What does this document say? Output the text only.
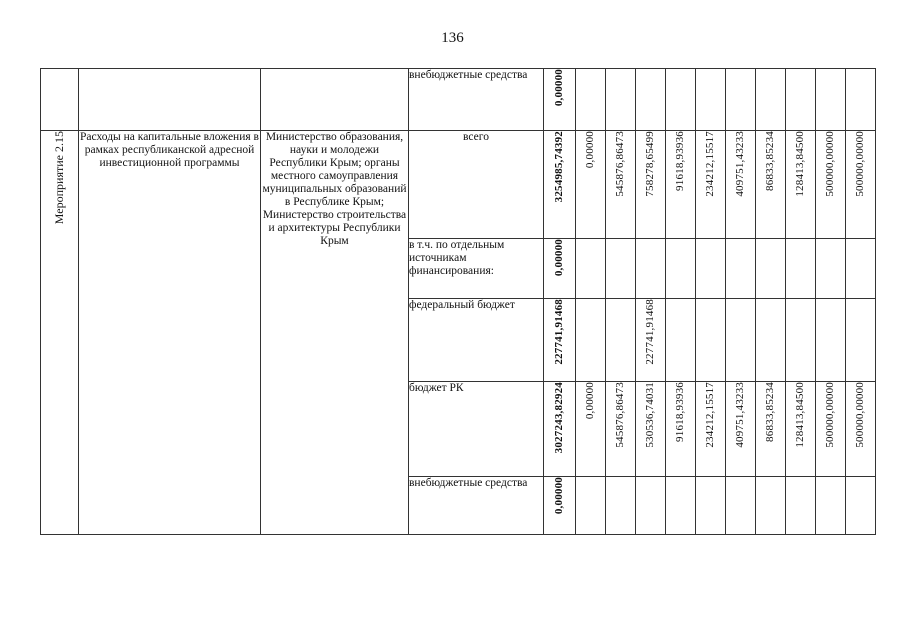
136
			внебюджетные средства	0,00000										
Мероприятие 2.15	Расходы на капитальные вложения в рамках республиканской адресной инвестиционной программы	Министерство образования, науки и молодежи Республики Крым; органы местного самоуправления муниципальных образований в Республике Крым; Министерство строительства и архитектуры Республики Крым	всего	3254985,74392	0,00000	545876,86473	758278,65499	91618,93936	234212,15517	409751,43233	86833,85234	128413,84500	500000,00000	500000,00000
			в т.ч. по отдельным источникам финансирования:	0,00000										
			федеральный бюджет	227741,91468			227741,91468							
			бюджет РК	3027243,82924	0,00000	545876,86473	530536,74031	91618,93936	234212,15517	409751,43233	86833,85234	128413,84500	500000,00000	500000,00000
			внебюджетные средства	0,00000										
